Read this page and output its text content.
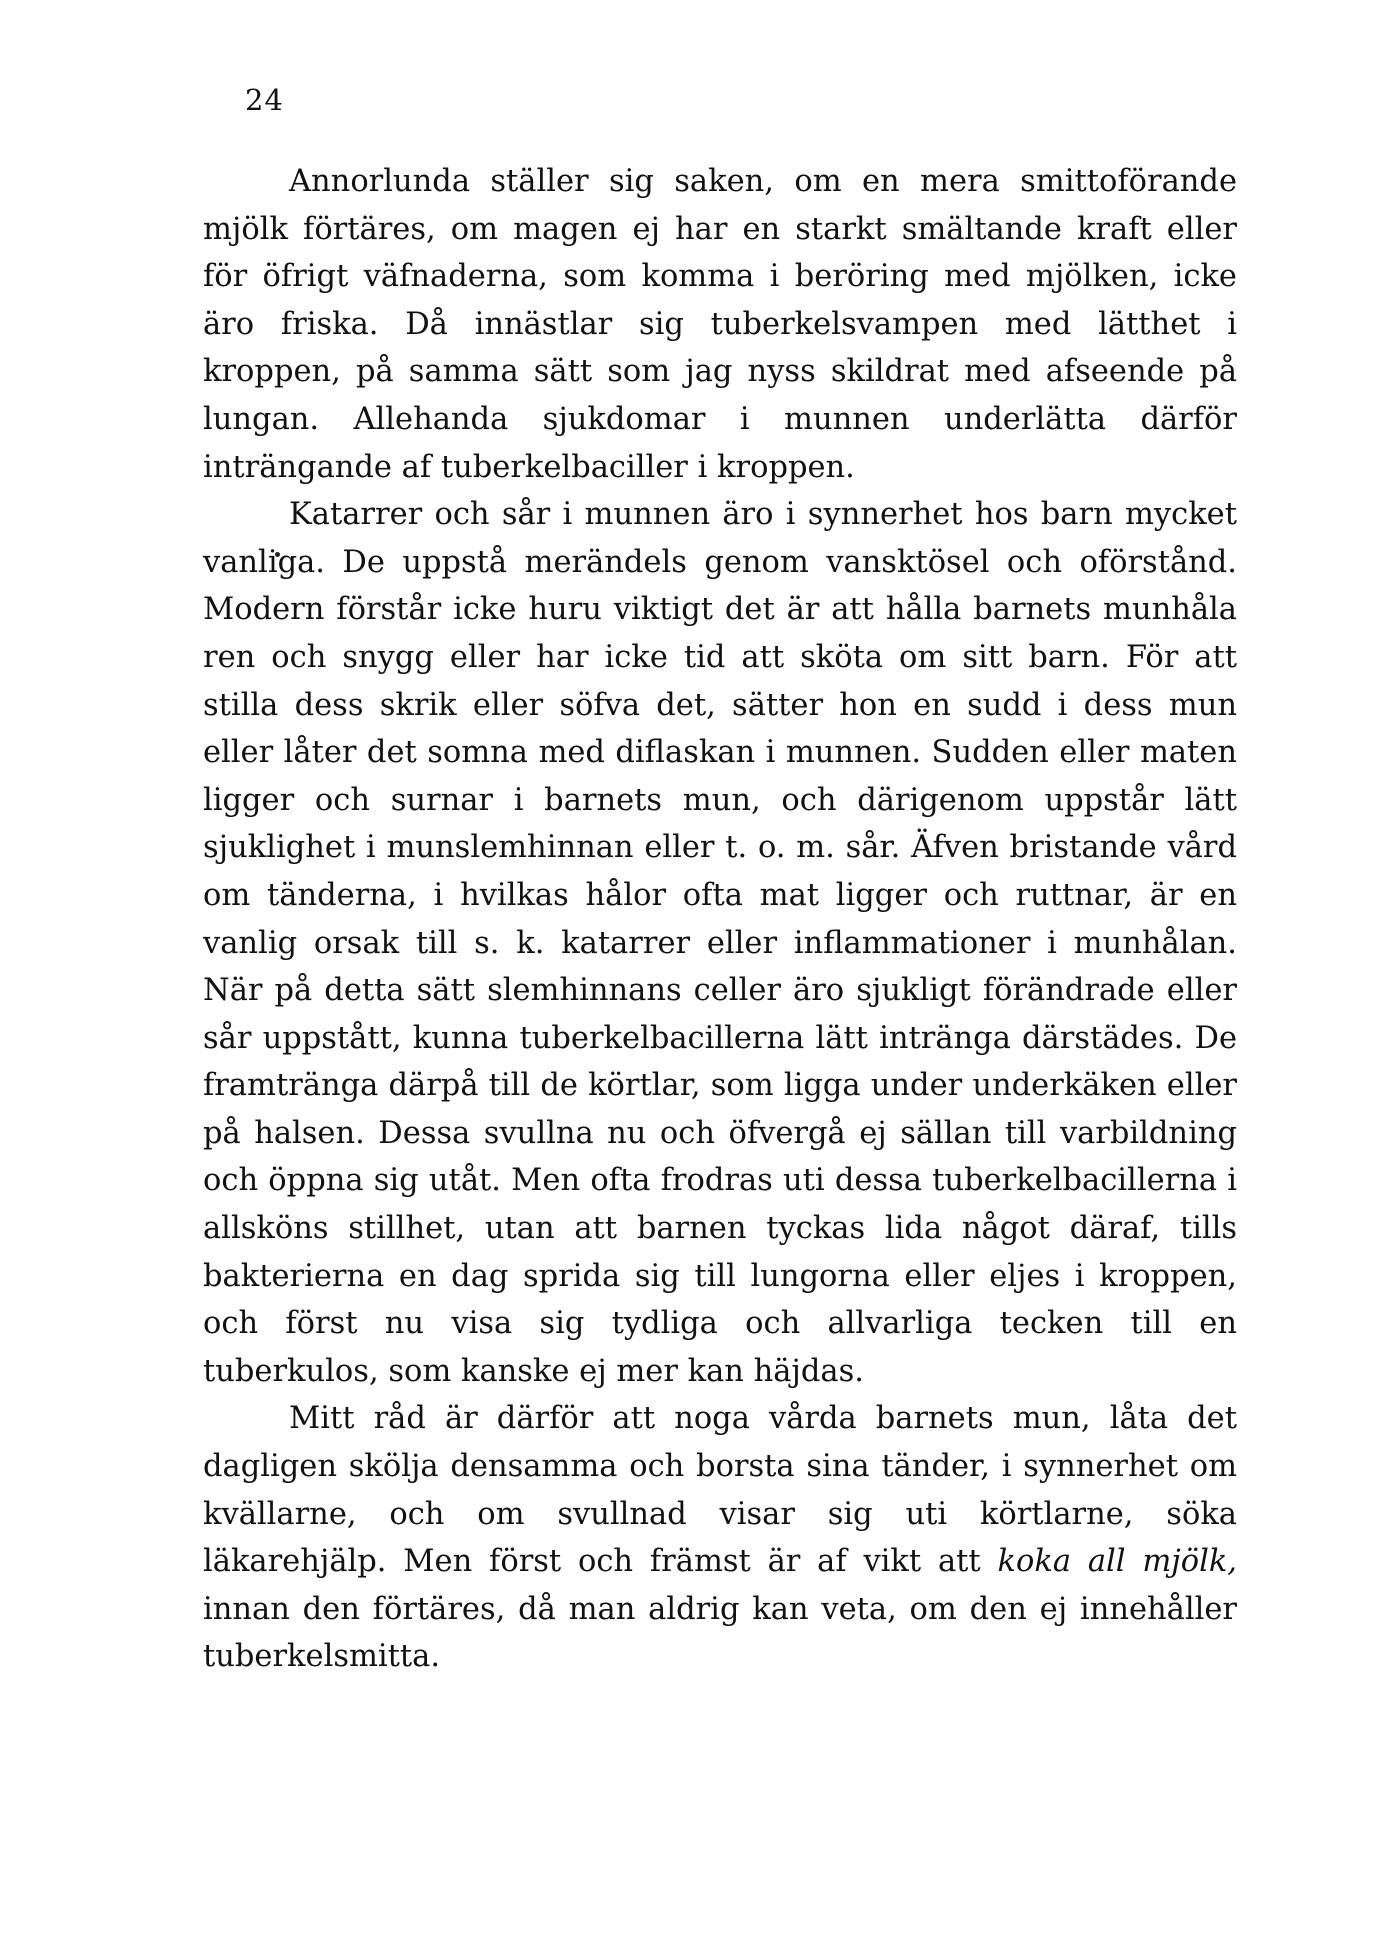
24

Annorlunda ställer sig saken, om en mera smittoförande mjölk förtäres, om magen ej har en starkt smältande kraft eller för öfrigt väfnaderna, som komma i beröring med mjölken, icke äro friska. Då innästlar sig tuberkelsvampen med lätthet i kroppen, på samma sätt som jag nyss skildrat med afseende på lungan. Allehanda sjukdomar i munnen underlätta därför inträngande af tuberkelbaciller i kroppen.

Katarrer och sår i munnen äro i synnerhet hos barn mycket vanliga. De uppstå merändels genom vansktösel och oförstånd. Modern förstår icke huru viktigt det är att hålla barnets munhåla ren och snygg eller har icke tid att sköta om sitt barn. För att stilla dess skrik eller söfva det, sätter hon en sudd i dess mun eller låter det somna med diflaskan i munnen. Sudden eller maten ligger och surnar i barnets mun, och därigenom uppstår lätt sjuklighet i munslemhinnan eller t. o. m. sår. Äfven bristande vård om tänderna, i hvilkas hålor ofta mat ligger och ruttnar, är en vanlig orsak till s. k. katarrer eller inflammationer i munhålan. När på detta sätt slemhinnans celler äro sjukligt förändrade eller sår uppstått, kunna tuberkelbacillerna lätt inträngа därstädes. De framtränga därpå till de körtlar, som ligga under underkäken eller på halsen. Dessa svullna nu och öfvergå ej sällan till varbildning och öppna sig utåt. Men ofta frodras uti dessa tuberkelbacillerna i allsköns stillhet, utan att barnen tyckas lida något däraf, tills bakterierna en dag sprida sig till lungorna eller eljes i kroppen, och först nu visa sig tydliga och allvarliga tecken till en tuberkulos, som kanske ej mer kan häjdas.

Mitt råd är därför att noga vårda barnets mun, låta det dagligen skölja densamma och borsta sina tänder, i synnerhet om kvällarne, och om svullnad visar sig uti körtlarne, söka läkarehjälp. Men först och främst är af vikt att koka all mjölk, innan den förtäres, då man aldrig kan veta, om den ej innehåller tuberkelsmitta.
